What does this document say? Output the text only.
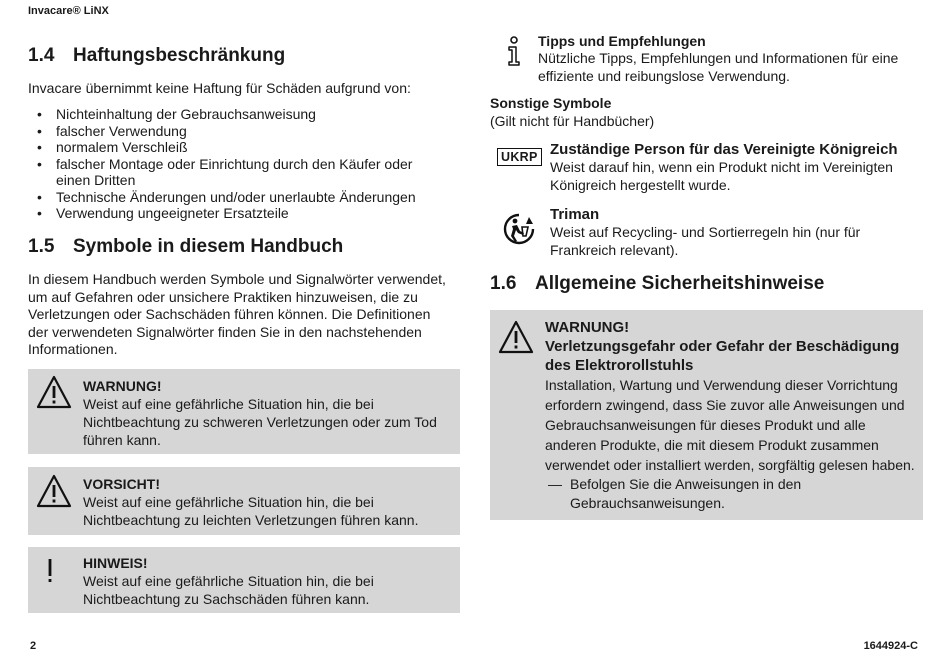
Invacare® LiNX
2	1644924-C
1.4 Haftungsbeschränkung
Invacare übernimmt keine Haftung für Schäden aufgrund von:
• Nichteinhaltung der Gebrauchsanweisung
• falscher Verwendung
• normalem Verschleiß
• falscher Montage oder Einrichtung durch den Käufer oder einen Dritten
• Technische Änderungen und/oder unerlaubte Änderungen
• Verwendung ungeeigneter Ersatzteile
1.5 Symbole in diesem Handbuch
In diesem Handbuch werden Symbole und Signalwörter verwendet, um auf Gefahren oder unsichere Praktiken hinzuweisen, die zu Verletzungen oder Sachschäden führen können. Die Definitionen der verwendeten Signalwörter finden Sie in den nachstehenden Informationen.
WARNUNG!
Weist auf eine gefährliche Situation hin, die bei Nichtbeachtung zu schweren Verletzungen oder zum Tod führen kann.
VORSICHT!
Weist auf eine gefährliche Situation hin, die bei Nichtbeachtung zu leichten Verletzungen führen kann.
HINWEIS!
Weist auf eine gefährliche Situation hin, die bei Nichtbeachtung zu Sachschäden führen kann.
Tipps und Empfehlungen
Nützliche Tipps, Empfehlungen und Informationen für eine effiziente und reibungslose Verwendung.
Sonstige Symbole
(Gilt nicht für Handbücher)
UKRP Zuständige Person für das Vereinigte Königreich
Weist darauf hin, wenn ein Produkt nicht im Vereinigten Königreich hergestellt wurde.
Triman
Weist auf Recycling- und Sortierregeln hin (nur für Frankreich relevant).
1.6 Allgemeine Sicherheitshinweise
WARNUNG!
Verletzungsgefahr oder Gefahr der Beschädigung des Elektrorollstuhls
Installation, Wartung und Verwendung dieser Vorrichtung erfordern zwingend, dass Sie zuvor alle Anweisungen und Gebrauchsanweisungen für dieses Produkt und alle anderen Produkte, die mit diesem Produkt zusammen verwendet oder installiert werden, sorgfältig gelesen haben.
— Befolgen Sie die Anweisungen in den Gebrauchsanweisungen.
